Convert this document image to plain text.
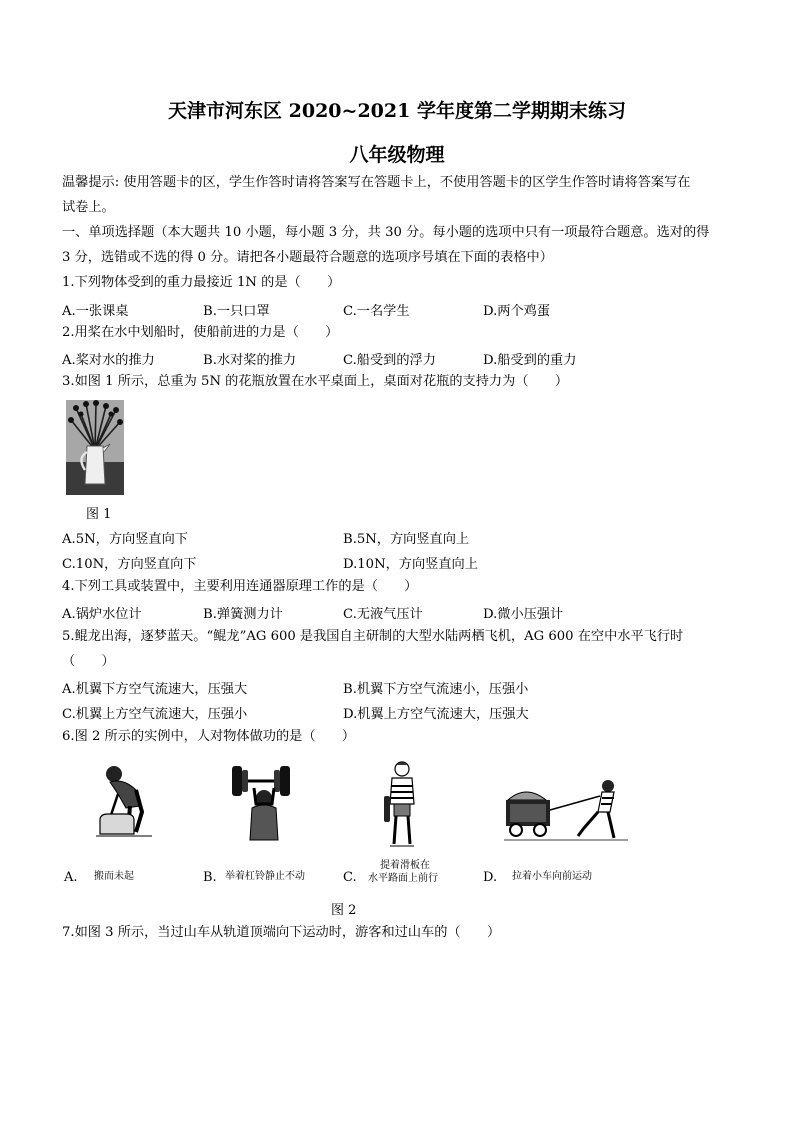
天津市河东区 2020~2021 学年度第二学期期末练习
八年级物理
温馨提示: 使用答题卡的区，学生作答时请将答案写在答题卡上，不使用答题卡的区学生作答时请将答案写在
试卷上。
一、单项选择题（本大题共 10 小题，每小题 3 分，共 30 分。每小题的选项中只有一项最符合题意。选对的得
3 分，选错或不选的得 0 分。请把各小题最符合题意的选项序号填在下面的表格中）
1.下列物体受到的重力最接近 1N 的是（　　）
A.一张课桌	B.一只口罩	C.一名学生	D.两个鸡蛋
2.用桨在水中划船时，使船前进的力是（　　）
A.桨对水的推力	B.水对桨的推力	C.船受到的浮力	D.船受到的重力
3.如图 1 所示，总重为 5N 的花瓶放置在水平桌面上，桌面对花瓶的支持力为（　　）
图 1
A.5N，方向竖直向下	B.5N，方向竖直向上
C.10N，方向竖直向下	D.10N，方向竖直向上
4.下列工具或装置中，主要利用连通器原理工作的是（　　）
A.锅炉水位计	B.弹簧测力计	C.无液气压计	D.微小压强计
5.鲲龙出海，逐梦蓝天。“鲲龙”AG 600 是我国自主研制的大型水陆两栖飞机，AG 600 在空中水平飞行时
（　　）
A.机翼下方空气流速大，压强大	B.机翼下方空气流速小，压强小
C.机翼上方空气流速大，压强小	D.机翼上方空气流速大，压强大
6.图 2 所示的实例中，人对物体做功的是（　　）
A. 搬而未起	B. 举着杠铃静止不动	C.
提着滑板在
水平路面上前行	D. 拉着小车向前运动
图 2
7.如图 3 所示，当过山车从轨道顶端向下运动时，游客和过山车的（　　）
